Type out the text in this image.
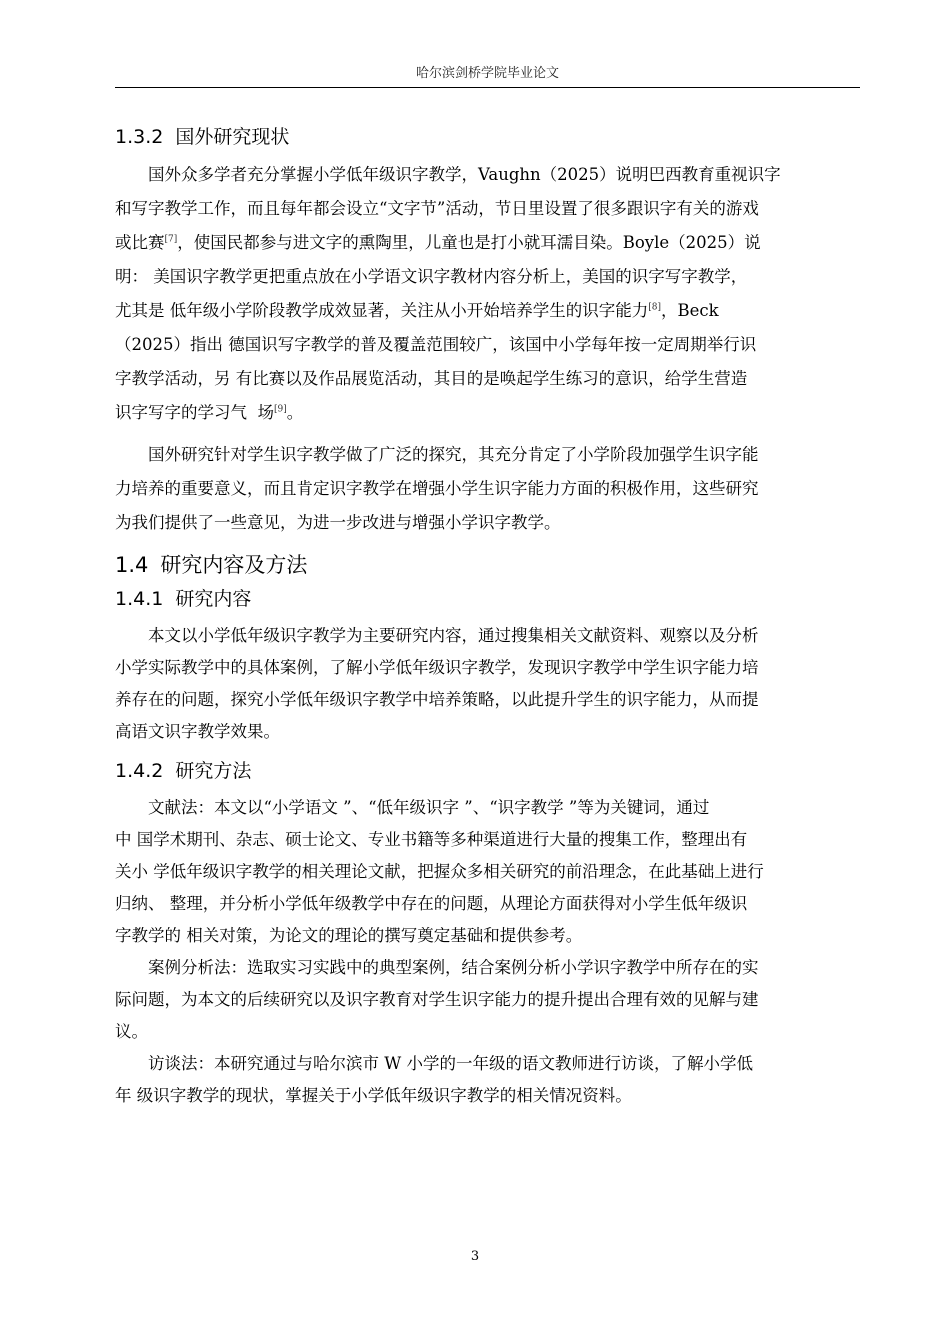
哈尔滨剑桥学院毕业论文
1.3.2 国外研究现状

国外众多学者充分掌握小学低年级识字教学，Vaughn（2025）说明巴西教育重视识字

和写字教学工作，而且每年都会设立“文字节”活动，节日里设置了很多跟识字有关的游戏

或比赛[7]，使国民都参与进文字的熏陶里，儿童也是打小就耳濡目染。Boyle（2025）说

明： 美国识字教学更把重点放在小学语文识字教材内容分析上，美国的识字写字教学，

尤其是 低年级小学阶段教学成效显著，关注从小开始培养学生的识字能力[8]，Beck

（2025）指出 德国识写字教学的普及覆盖范围较广，该国中小学每年按一定周期举行识

字教学活动，另 有比赛以及作品展览活动，其目的是唤起学生练习的意识，给学生营造

识字写字的学习气 场[9]。

国外研究针对学生识字教学做了广泛的探究，其充分肯定了小学阶段加强学生识字能

力培养的重要意义，而且肯定识字教学在增强小学生识字能力方面的积极作用，这些研究

为我们提供了一些意见，为进一步改进与增强小学识字教学。

1.4 研究内容及方法
1.4.1 研究内容

本文以小学低年级识字教学为主要研究内容，通过搜集相关文献资料、观察以及分析

小学实际教学中的具体案例，了解小学低年级识字教学，发现识字教学中学生识字能力培

养存在的问题，探究小学低年级识字教学中培养策略，以此提升学生的识字能力，从而提

高语文识字教学效果。

1.4.2 研究方法

文献法：本文以“小学语文 ”、“低年级识字 ”、“识字教学 ”等为关键词，通过

中 国学术期刊、杂志、硕士论文、专业书籍等多种渠道进行大量的搜集工作，整理出有

关小 学低年级识字教学的相关理论文献，把握众多相关研究的前沿理念，在此基础上进行

归纳、 整理，并分析小学低年级教学中存在的问题，从理论方面获得对小学生低年级识

字教学的 相关对策，为论文的理论的撰写奠定基础和提供参考。

案例分析法：选取实习实践中的典型案例，结合案例分析小学识字教学中所存在的实

际问题，为本文的后续研究以及识字教育对学生识字能力的提升提出合理有效的见解与建

议。

访谈法：本研究通过与哈尔滨市 W 小学的一年级的语文教师进行访谈，了解小学低

年 级识字教学的现状，掌握关于小学低年级识字教学的相关情况资料。

3
